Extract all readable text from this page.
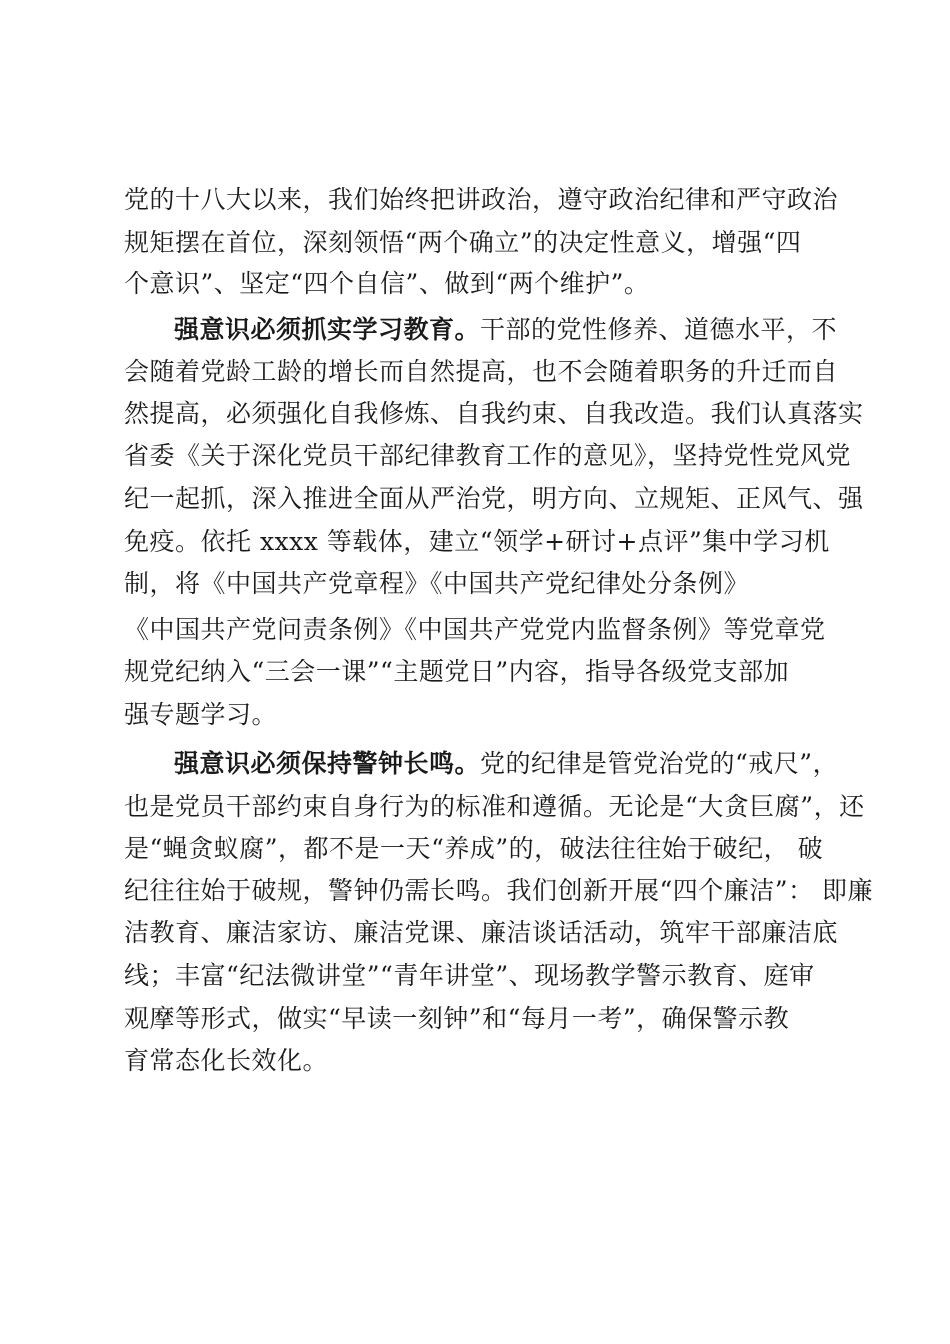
党的十八大以来，我们始终把讲政治，遵守政治纪律和严守政治
规矩摆在首位，深刻领悟“两个确立”的决定性意义，增强“四
个意识”、坚定“四个自信”、做到“两个维护”。
强意识必须抓实学习教育。干部的党性修养、道德水平，不
会随着党龄工龄的增长而自然提高，也不会随着职务的升迁而自
然提高，必须强化自我修炼、自我约束、自我改造。我们认真落实
省委《关于深化党员干部纪律教育工作的意见》，坚持党性党风党
纪一起抓，深入推进全面从严治党，明方向、立规矩、正风气、强
免疫。依托 xxxx 等载体，建立“领学+研讨+点评”集中学习机
制，将《中国共产党章程》《中国共产党纪律处分条例》
《中国共产党问责条例》《中国共产党党内监督条例》等党章党
规党纪纳入“三会一课”“主题党日”内容，指导各级党支部加
强专题学习。
强意识必须保持警钟长鸣。党的纪律是管党治党的“戒尺”，
也是党员干部约束自身行为的标准和遵循。无论是“大贪巨腐”，还
是“蝇贪蚁腐”，都不是一天“养成”的，破法往往始于破纪， 破
纪往往始于破规，警钟仍需长鸣。我们创新开展“四个廉洁”： 即廉
洁教育、廉洁家访、廉洁党课、廉洁谈话活动，筑牢干部廉洁底
线；丰富“纪法微讲堂”“青年讲堂”、现场教学警示教育、庭审
观摩等形式，做实“早读一刻钟”和“每月一考”，确保警示教
育常态化长效化。
